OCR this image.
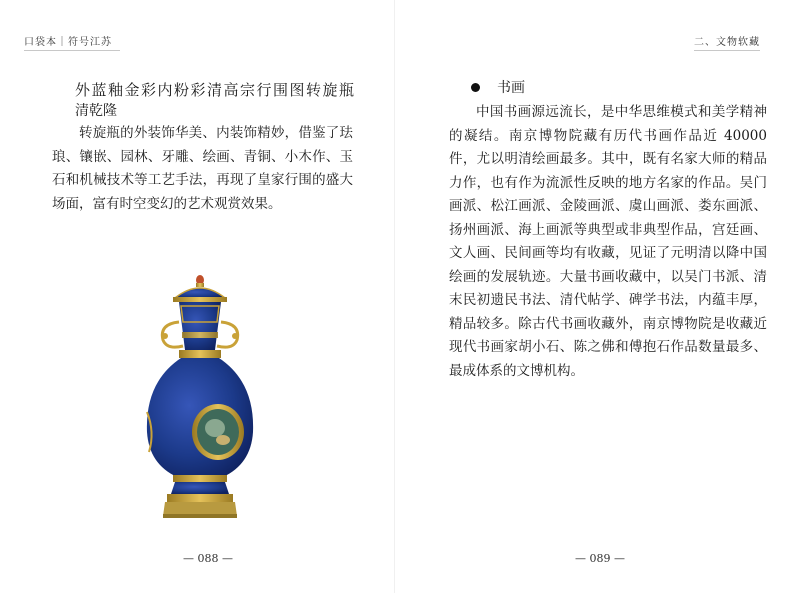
口袋本｜符号江苏
外蓝釉金彩内粉彩清高宗行围图转旋瓶
清乾隆
转旋瓶的外装饰华美、内装饰精妙，借鉴了珐琅、镶嵌、园林、牙雕、绘画、青铜、小木作、玉石和机械技术等工艺手法，再现了皇家行围的盛大场面，富有时空变幻的艺术观赏效果。
— 088 —
二、文物软藏
书画
中国书画源远流长，是中华思维模式和美学精神的凝结。南京博物院藏有历代书画作品近 40000 件，尤以明清绘画最多。其中，既有名家大师的精品力作，也有作为流派性反映的地方名家的作品。吴门画派、松江画派、金陵画派、虞山画派、娄东画派、扬州画派、海上画派等典型或非典型作品，宫廷画、文人画、民间画等均有收藏，见证了元明清以降中国绘画的发展轨迹。大量书画收藏中，以吴门书派、清末民初遗民书法、清代帖学、碑学书法，内蕴丰厚，精品较多。除古代书画收藏外，南京博物院是收藏近现代书画家胡小石、陈之佛和傅抱石作品数量最多、最成体系的文博机构。
— 089 —
